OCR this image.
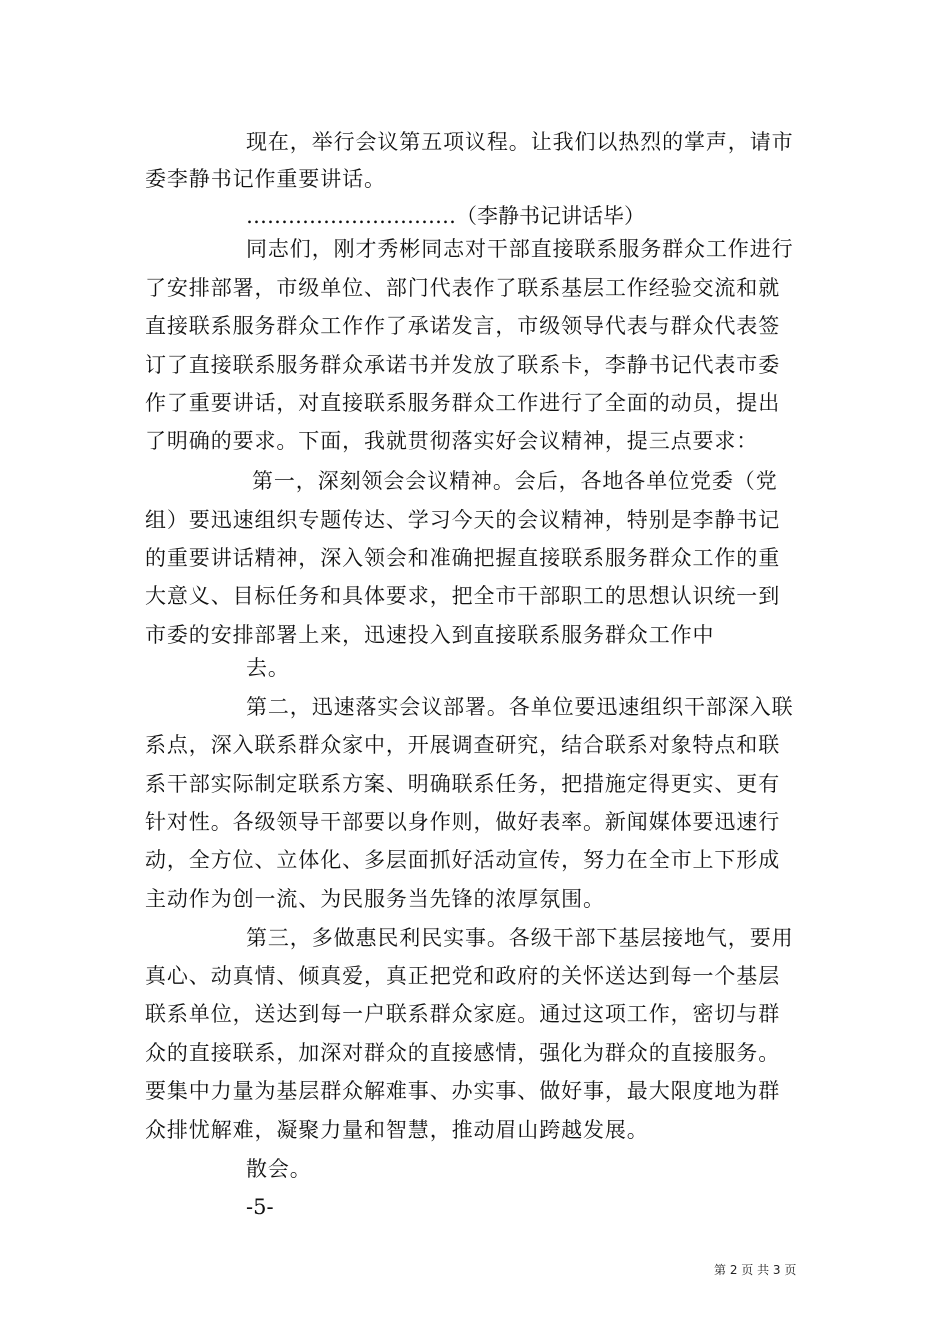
现在，举行会议第五项议程。让我们以热烈的掌声，请市
委李静书记作重要讲话。
…………………………（李静书记讲话毕）
同志们，刚才秀彬同志对干部直接联系服务群众工作进行
了安排部署，市级单位、部门代表作了联系基层工作经验交流和就
直接联系服务群众工作作了承诺发言，市级领导代表与群众代表签
订了直接联系服务群众承诺书并发放了联系卡，李静书记代表市委
作了重要讲话，对直接联系服务群众工作进行了全面的动员，提出
了明确的要求。下面，我就贯彻落实好会议精神，提三点要求：
第一，深刻领会会议精神。会后，各地各单位党委（党
组）要迅速组织专题传达、学习今天的会议精神，特别是李静书记
的重要讲话精神，深入领会和准确把握直接联系服务群众工作的重
大意义、目标任务和具体要求，把全市干部职工的思想认识统一到
市委的安排部署上来，迅速投入到直接联系服务群众工作中
去。
第二，迅速落实会议部署。各单位要迅速组织干部深入联
系点，深入联系群众家中，开展调查研究，结合联系对象特点和联
系干部实际制定联系方案、明确联系任务，把措施定得更实、更有
针对性。各级领导干部要以身作则，做好表率。新闻媒体要迅速行
动，全方位、立体化、多层面抓好活动宣传，努力在全市上下形成
主动作为创一流、为民服务当先锋的浓厚氛围。
第三，多做惠民利民实事。各级干部下基层接地气，要用
真心、动真情、倾真爱，真正把党和政府的关怀送达到每一个基层
联系单位，送达到每一户联系群众家庭。通过这项工作，密切与群
众的直接联系，加深对群众的直接感情，强化为群众的直接服务。
要集中力量为基层群众解难事、办实事、做好事，最大限度地为群
众排忧解难，凝聚力量和智慧，推动眉山跨越发展。
散会。
-5-
第 2 页 共 3 页
